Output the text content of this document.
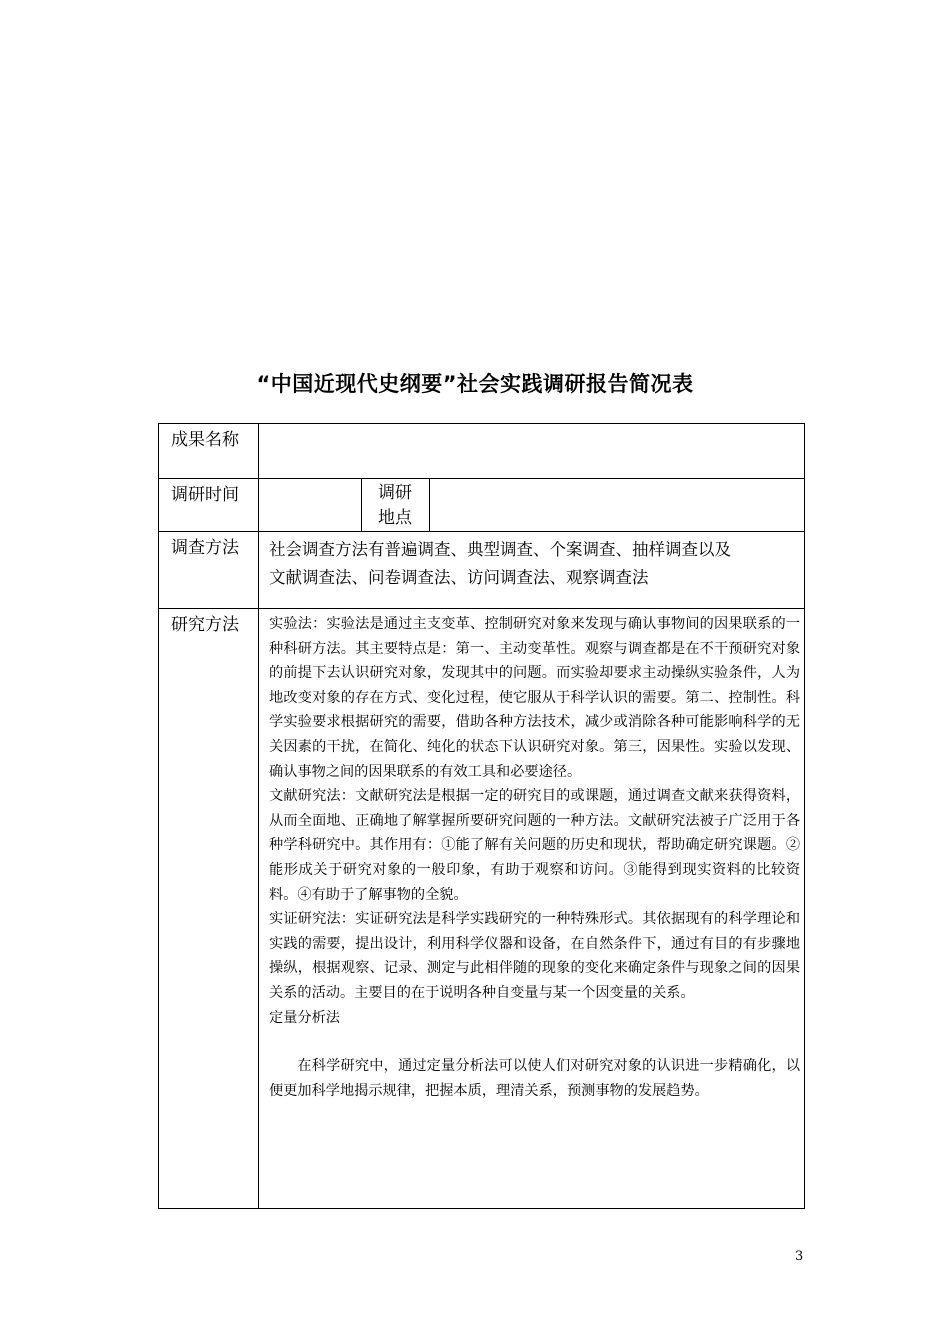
“中国近现代史纲要”社会实践调研报告简况表
成果名称			
调研时间		调研
地点	

调查方法	社会调查方法有普遍调查、典型调查、个案调查、抽样调查以及
文献调查法、问卷调查法、访问调查法、观察调查法		

研究方法	实验法：实验法是通过主支变革、控制研究对象来发现与确认事物间的因果联系的一种科研方法。其主要特点是：第一、主动变革性。观察与调查都是在不干预研究对象的前提下去认识研究对象，发现其中的问题。而实验却要求主动操纵实验条件，人为地改变对象的存在方式、变化过程，使它服从于科学认识的需要。第二、控制性。科学实验要求根据研究的需要，借助各种方法技术，减少或消除各种可能影响科学的无关因素的干扰，在简化、纯化的状态下认识研究对象。第三，因果性。实验以发现、确认事物之间的因果联系的有效工具和必要途径。

文献研究法：文献研究法是根据一定的研究目的或课题，通过调查文献来获得资料，从而全面地、正确地了解掌握所要研究问题的一种方法。文献研究法被子广泛用于各种学科研究中。其作用有：①能了解有关问题的历史和现状，帮助确定研究课题。②能形成关于研究对象的一般印象，有助于观察和访问。③能得到现实资料的比较资料。④有助于了解事物的全貌。

实证研究法：实证研究法是科学实践研究的一种特殊形式。其依据现有的科学理论和实践的需要，提出设计，利用科学仪器和设备，在自然条件下，通过有目的有步骤地操纵，根据观察、记录、测定与此相伴随的现象的变化来确定条件与现象之间的因果关系的活动。主要目的在于说明各种自变量与某一个因变量的关系。

定量分析法

在科学研究中，通过定量分析法可以使人们对研究对象的认识进一步精确化，以便更加科学地揭示规律，把握本质，理清关系，预测事物的发展趋势。		

3
